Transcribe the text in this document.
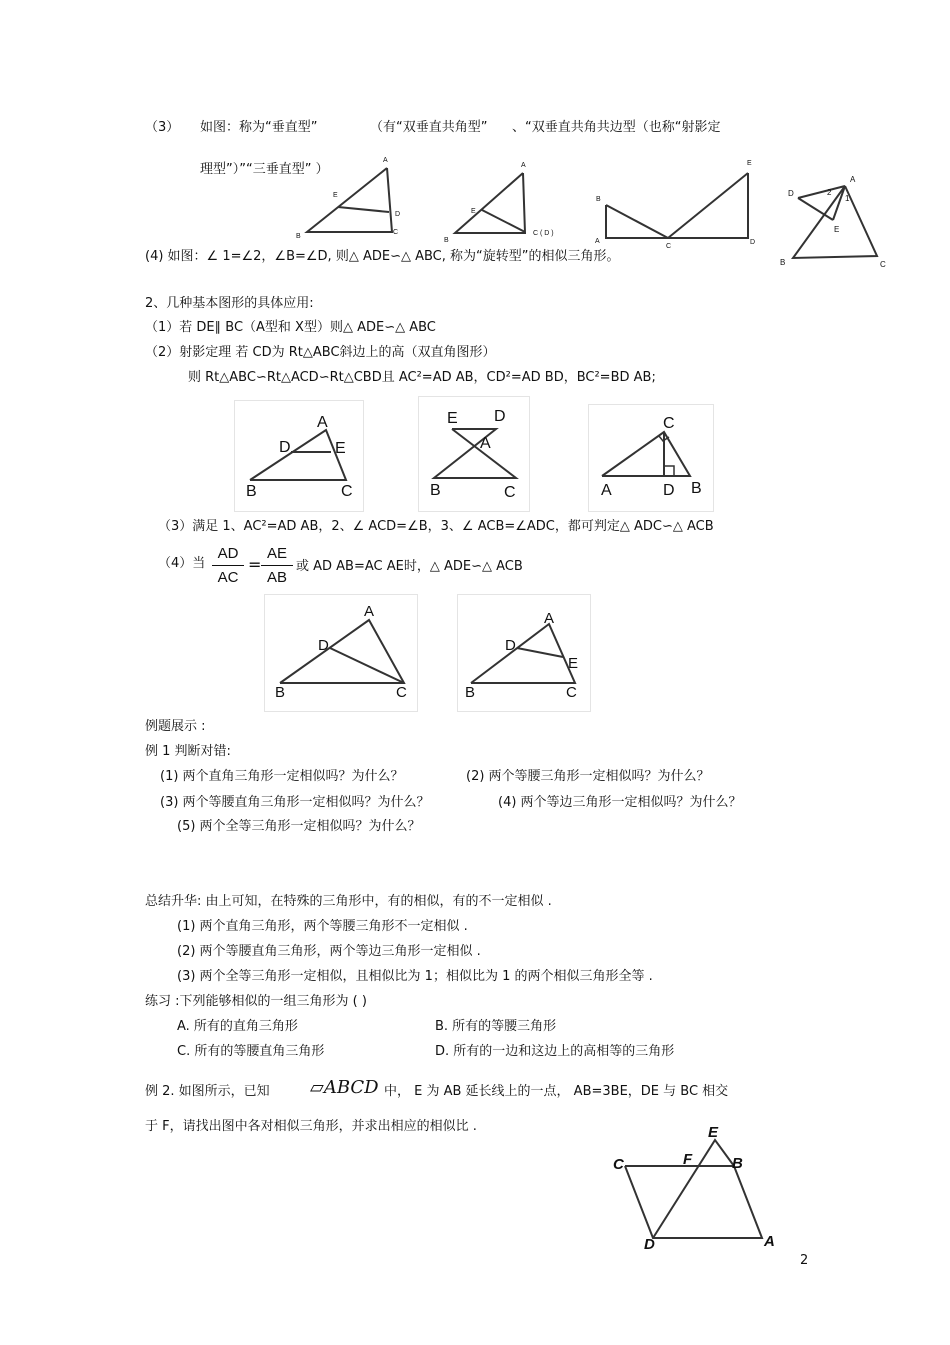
（3） 如图：称为“垂直型”	（有“双垂直共角型” 、“双垂直共角共边型（也称“射影定
理型”）”“三垂直型” ）
A
E
D
B
C
A
E
B
C ( D )
E
B
A
C
D
A
D	2
1
E
B	C
(4) 如图：∠ 1=∠2，∠B=∠D, 则△ ADE∽△ ABC, 称为“旋转型”的相似三角形。
2、几种基本图形的具体应用:
（1）若 DE∥ BC（A型和 X型）则△ ADE∽△ ABC
（2）射影定理 若 CD为 Rt△ABC斜边上的高（双直角图形）
则 Rt△ABC∽Rt△ACD∽Rt△CBD且 AC²=AD AB，CD²=AD BD，BC²=BD AB;
A
D	E
B	C
E D
A
B	C
C
A	D B
（3）满足 1、AC²=AD AB，2、∠ ACD=∠B，3、∠ ACB=∠ADC，都可判定△ ADC∽△ ACB
（4）当
AD
AC
=
AE
AB
或 AD AB=AC AE时，△ ADE∽△ ACB
A
D
B	C
A
D
E
B	C
例题展示 :
例 1 判断对错:
(1) 两个直角三角形一定相似吗？为什么？	(2) 两个等腰三角形一定相似吗？为什么？
(3) 两个等腰直角三角形一定相似吗？为什么？	(4) 两个等边三角形一定相似吗？为什么？
(5) 两个全等三角形一定相似吗？为什么？
总结升华: 由上可知，在特殊的三角形中，有的相似，有的不一定相似 .
(1) 两个直角三角形，两个等腰三角形不一定相似 .
(2) 两个等腰直角三角形，两个等边三角形一定相似 .
(3) 两个全等三角形一定相似，且相似比为 1；相似比为 1 的两个相似三角形全等 .
练习 :下列能够相似的一组三角形为 ( )
A. 所有的直角三角形	B. 所有的等腰三角形
C. 所有的等腰直角三角形	D. 所有的一边和这边上的高相等的三角形
例 2. 如图所示，已知 ▱ABCD 中， E 为 AB 延长线上的一点， AB=3BE，DE 与 BC 相交
于 F，请找出图中各对相似三角形，并求出相应的相似比 .	E
C	F	B
D	A
2
